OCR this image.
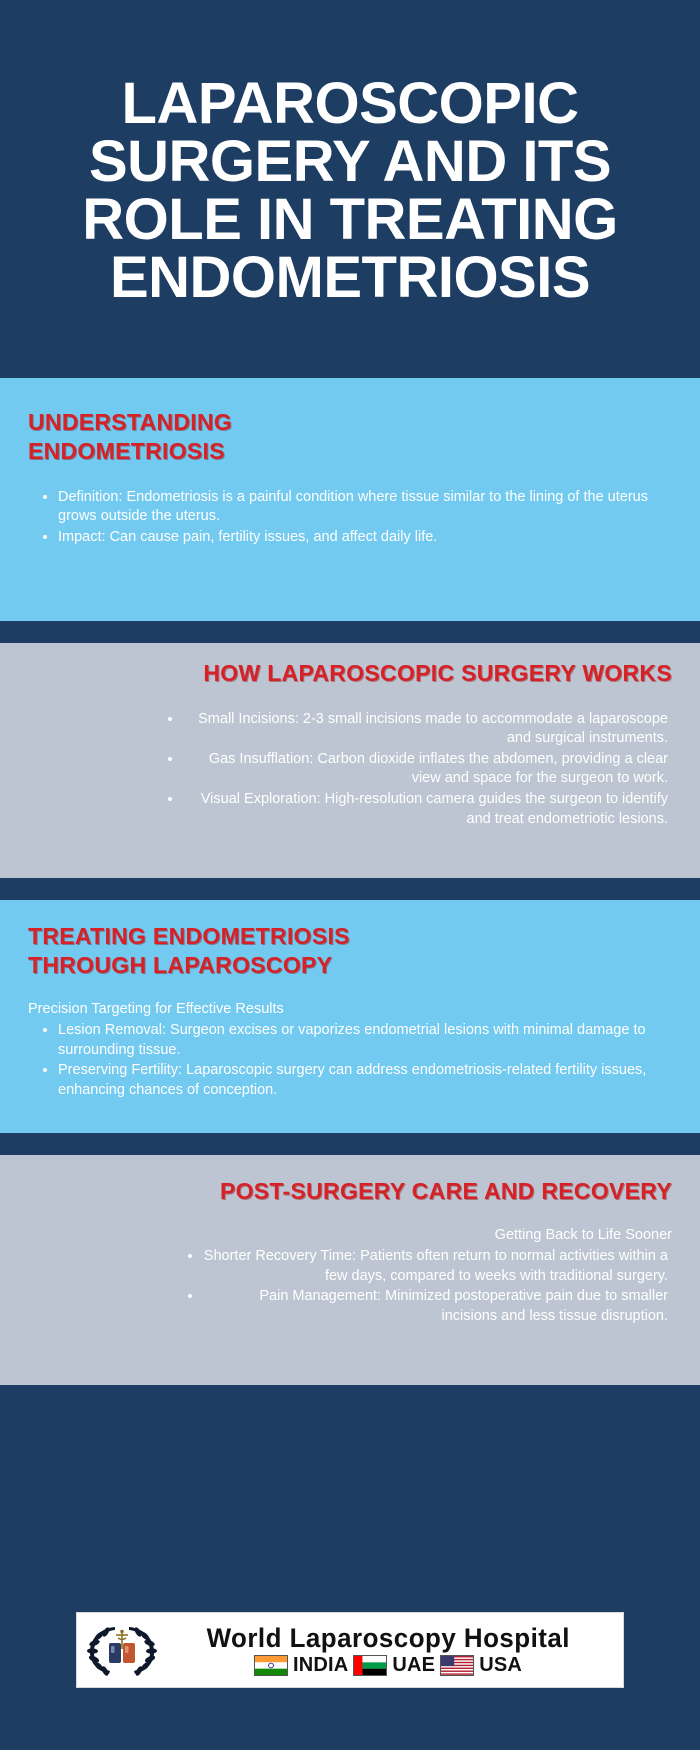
LAPAROSCOPIC SURGERY AND ITS ROLE IN TREATING ENDOMETRIOSIS
UNDERSTANDING ENDOMETRIOSIS
• Definition: Endometriosis is a painful condition where tissue similar to the lining of the uterus grows outside the uterus.
• Impact: Can cause pain, fertility issues, and affect daily life.
HOW LAPAROSCOPIC SURGERY WORKS
• Small Incisions: 2-3 small incisions made to accommodate a laparoscope and surgical instruments.
• Gas Insufflation: Carbon dioxide inflates the abdomen, providing a clear view and space for the surgeon to work.
• Visual Exploration: High-resolution camera guides the surgeon to identify and treat endometriotic lesions.
TREATING ENDOMETRIOSIS THROUGH LAPAROSCOPY

Precision Targeting for Effective Results

• Lesion Removal: Surgeon excises or vaporizes endometrial lesions with minimal damage to surrounding tissue.
• Preserving Fertility: Laparoscopic surgery can address endometriosis-related fertility issues, enhancing chances of conception.
POST-SURGERY CARE AND RECOVERY

Getting Back to Life Sooner

• Shorter Recovery Time: Patients often return to normal activities within a few days, compared to weeks with traditional surgery.
• Pain Management: Minimized postoperative pain due to smaller incisions and less tissue disruption.
World Laparoscopy Hospital
INDIA UAE USA
